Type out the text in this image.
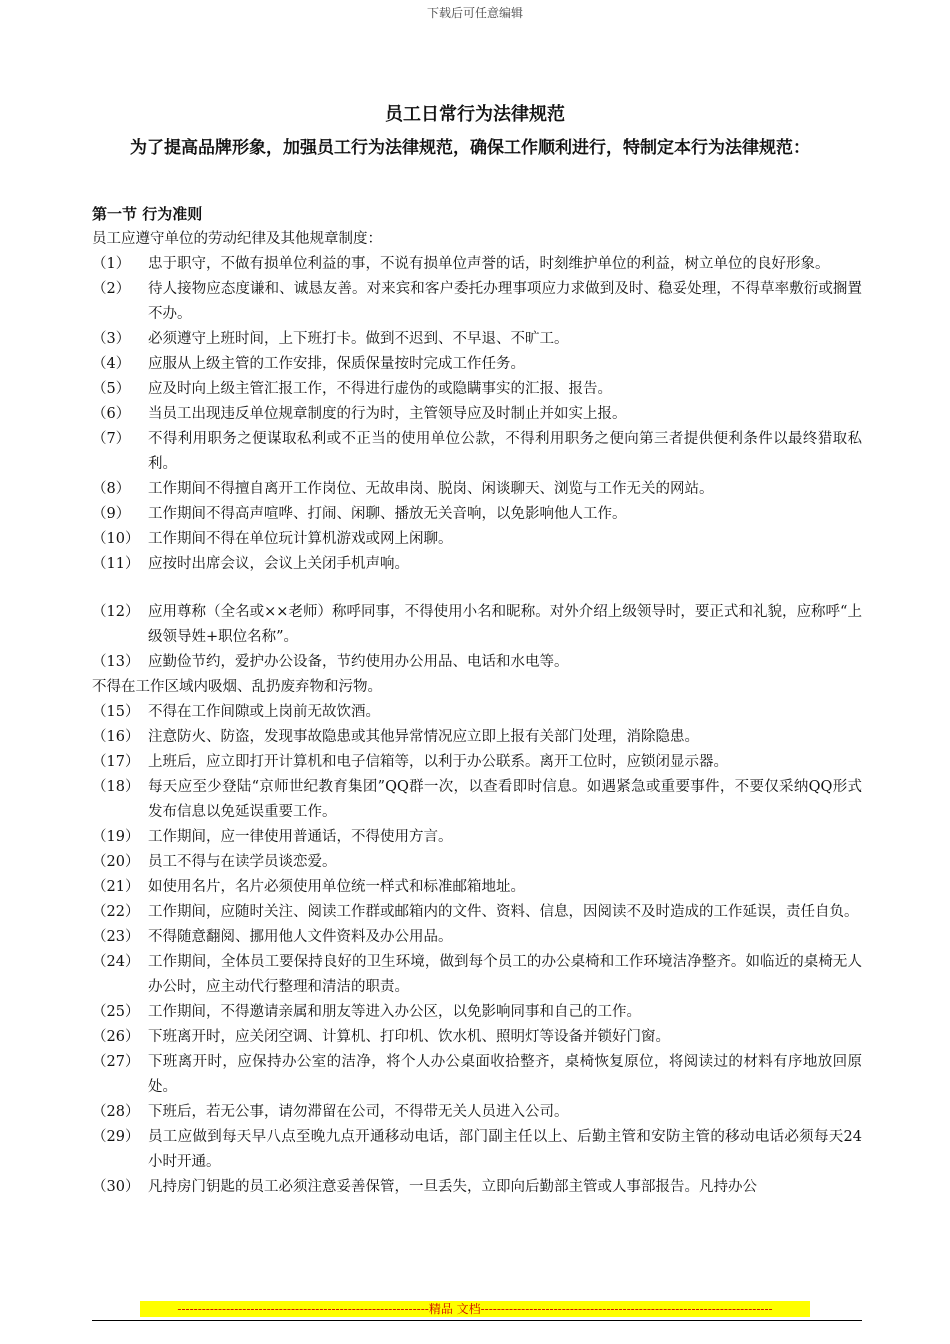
下载后可任意编辑
员工日常行为法律规范
为了提高品牌形象，加强员工行为法律规范，确保工作顺利进行，特制定本行为法律规范：
第一节 行为准则
员工应遵守单位的劳动纪律及其他规章制度：
（1）	忠于职守，不做有损单位利益的事，不说有损单位声誉的话，时刻维护单位的利益，树立单位的良好形象。
（2）	待人接物应态度谦和、诚恳友善。对来宾和客户委托办理事项应力求做到及时、稳妥处理，不得草率敷衍或搁置不办。
（3）	必须遵守上班时间，上下班打卡。做到不迟到、不早退、不旷工。
（4）	应服从上级主管的工作安排，保质保量按时完成工作任务。
（5）	应及时向上级主管汇报工作，不得进行虚伪的或隐瞒事实的汇报、报告。
（6）	当员工出现违反单位规章制度的行为时，主管领导应及时制止并如实上报。
（7）	不得利用职务之便谋取私利或不正当的使用单位公款，不得利用职务之便向第三者提供便利条件以最终猎取私利。
（8）	工作期间不得擅自离开工作岗位、无故串岗、脱岗、闲谈聊天、浏览与工作无关的网站。
（9）	工作期间不得高声喧哗、打闹、闲聊、播放无关音响，以免影响他人工作。
（10） 工作期间不得在单位玩计算机游戏或网上闲聊。
（11） 应按时出席会议，会议上关闭手机声响。
（12） 应用尊称（全名或××老师）称呼同事，不得使用小名和昵称。对外介绍上级领导时，要正式和礼貌，应称呼“上级领导姓+职位名称”。
（13） 应勤俭节约，爱护办公设备，节约使用办公用品、电话和水电等。
不得在工作区域内吸烟、乱扔废弃物和污物。
（15） 不得在工作间隙或上岗前无故饮酒。
（16） 注意防火、防盗，发现事故隐患或其他异常情况应立即上报有关部门处理，消除隐患。
（17） 上班后，应立即打开计算机和电子信箱等，以利于办公联系。离开工位时，应锁闭显示器。
（18） 每天应至少登陆“京师世纪教育集团”QQ群一次，以查看即时信息。如遇紧急或重要事件，不要仅采纳QQ形式发布信息以免延误重要工作。
（19） 工作期间，应一律使用普通话，不得使用方言。
（20） 员工不得与在读学员谈恋爱。
（21） 如使用名片，名片必须使用单位统一样式和标准邮箱地址。
（22） 工作期间，应随时关注、阅读工作群或邮箱内的文件、资料、信息，因阅读不及时造成的工作延误，责任自负。
（23） 不得随意翻阅、挪用他人文件资料及办公用品。
（24） 工作期间，全体员工要保持良好的卫生环境，做到每个员工的办公桌椅和工作环境洁净整齐。如临近的桌椅无人办公时，应主动代行整理和清洁的职责。
（25） 工作期间，不得邀请亲属和朋友等进入办公区，以免影响同事和自己的工作。
（26） 下班离开时，应关闭空调、计算机、打印机、饮水机、照明灯等设备并锁好门窗。
（27） 下班离开时，应保持办公室的洁净，将个人办公桌面收拾整齐，桌椅恢复原位，将阅读过的材料有序地放回原处。
（28） 下班后，若无公事，请勿滞留在公司，不得带无关人员进入公司。
（29） 员工应做到每天早八点至晚九点开通移动电话，部门副主任以上、后勤主管和安防主管的移动电话必须每天24小时开通。
（30） 凡持房门钥匙的员工必须注意妥善保管，一旦丢失，立即向后勤部主管或人事部报告。凡持办公
--------------------------------------------------------------精品 文档------------------------------------------------------------------------
